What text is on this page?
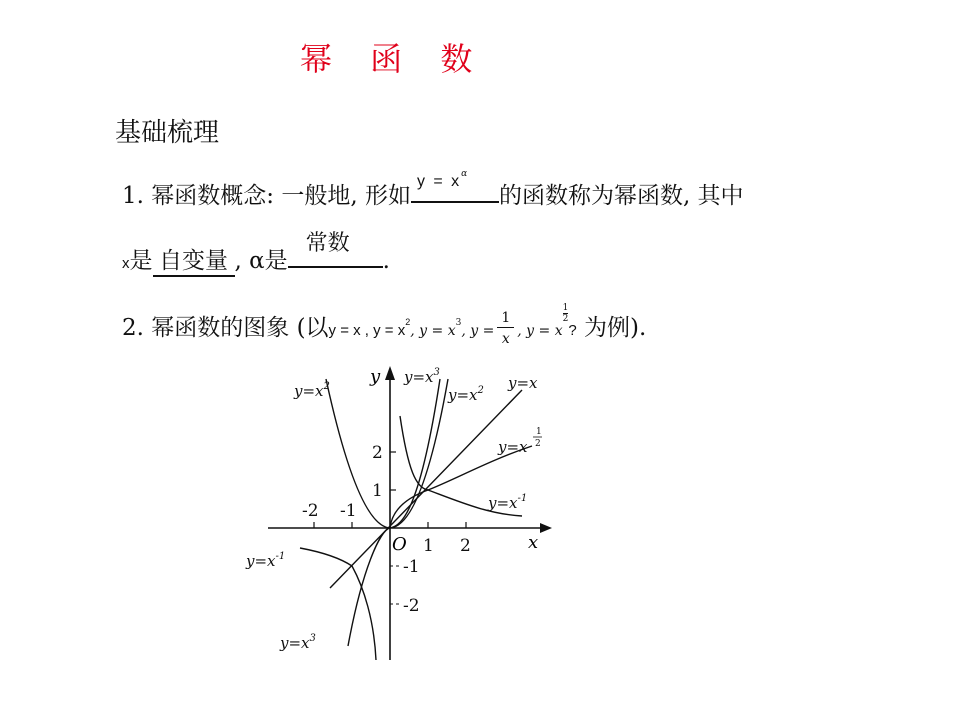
幂 函 数
基础梳理
1. 幂函数概念: 一般地, 形如
$y = x^\alpha$
的函数称为幂函数, 其中
x是 自变量 , α是
常数
.
2. 幂函数的图象 (以y = x , $y = x^2$, $y = x^3$, $y = \frac{1}{x}$ , y = x
$\frac{1}{2}$
? 为例).
-2 -1
1 2
2
1
-1
-2
x
y
O
$y=x^2$
$y=x^3$
$y=x^2$ y=x
y=x
1
2
$y=x^{-1}$
$y=x^{-1}$
$y=x^3$
